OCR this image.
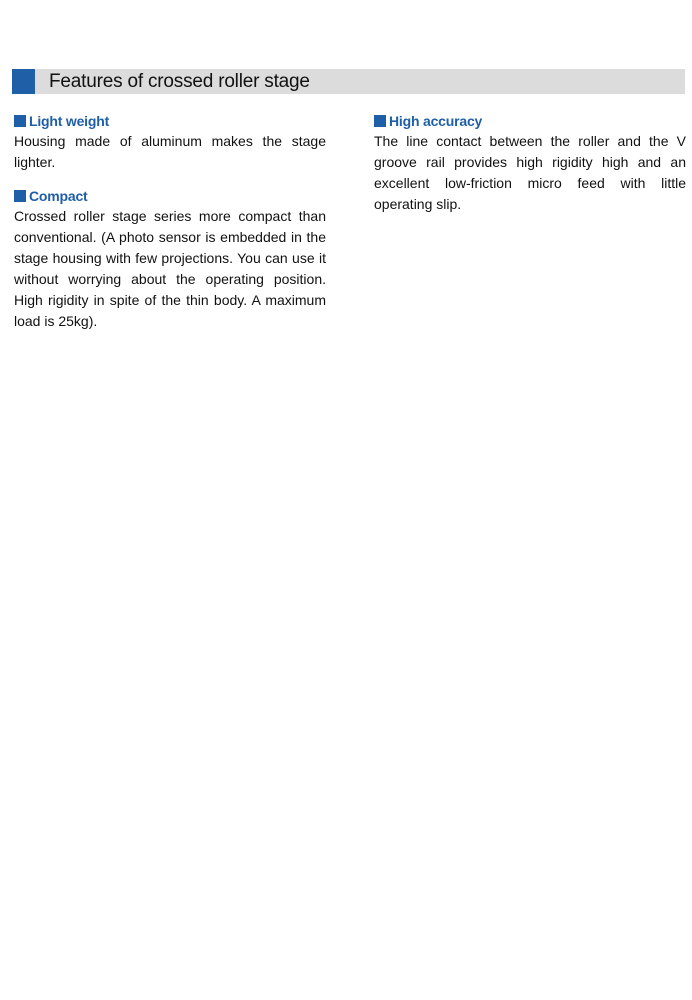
Features of crossed roller stage
Light weight
Housing made of aluminum makes the stage lighter.
Compact
Crossed roller stage series more compact than conventional. (A photo sensor is embedded in the stage housing with few projections. You can use it without worrying about the operating position. High rigidity in spite of the thin body. A maximum load is 25kg).
High accuracy
The line contact between the roller and the V groove rail provides high rigidity high and an excellent low-friction micro feed with little operating slip.
